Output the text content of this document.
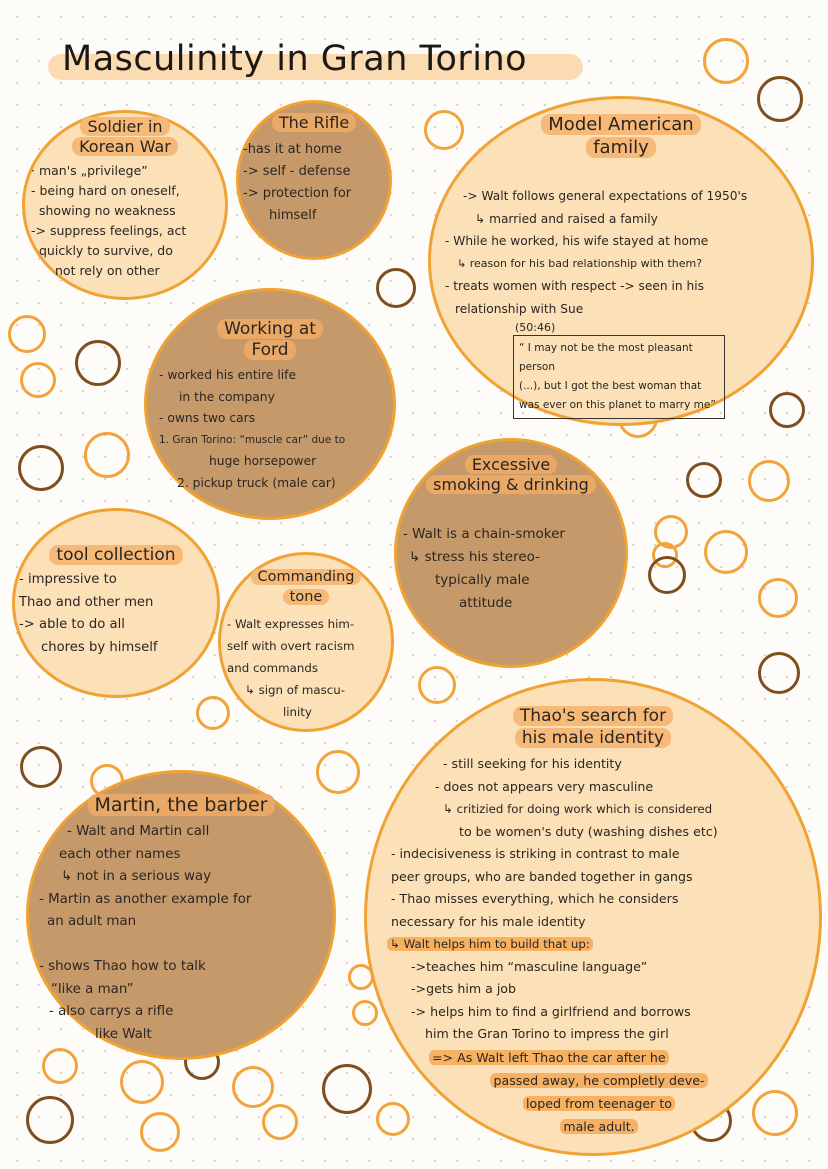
Masculinity in Gran Torino
Soldier in
Korean War
· man's „privilege”
- being hard on oneself,
showing no weakness
-> suppress feelings, act
quickly to survive, do
not rely on other
The Rifle
-has it at home
-> self - defense
-> protection for
himself
Model American
family
-> Walt follows general expectations of 1950's
↳ married and raised a family
- While he worked, his wife stayed at home
↳ reason for his bad relationship with them?
- treats women with respect -> seen in his
relationship with Sue
(50:46)
“ I may not be the most pleasant person
(...), but I got the best woman that
was ever on this planet to marry me”
Working at
Ford
- worked his entire life
in the company
- owns two cars
1. Gran Torino: “muscle car” due to
huge horsepower
2. pickup truck (male car)
Excessive
smoking & drinking
- Walt is a chain-smoker
↳ stress his stereo-
typically male
attitude
tool collection
- impressive to
Thao and other men
-> able to do all
chores by himself
Commanding
tone
- Walt expresses him-
self with overt racism
and commands
↳ sign of mascu-
linity
Martin, the barber
- Walt and Martin call
each other names
↳ not in a serious way
- Martin as another example for
an adult man

- shows Thao how to talk
“like a man”
- also carrys a rifle
like Walt
Thao's search for
his male identity
- still seeking for his identity
- does not appears very masculine
↳ critizied for doing work which is considered
to be women's duty (washing dishes etc)
- indecisiveness is striking in contrast to male
peer groups, who are banded together in gangs
- Thao misses everything, which he considers
necessary for his male identity
↳ Walt helps him to build that up:
->teaches him “masculine language”
->gets him a job
-> helps him to find a girlfriend and borrows
him the Gran Torino to impress the girl
=> As Walt left Thao the car after he
passed away, he completly deve-
loped from teenager to
male adult.
